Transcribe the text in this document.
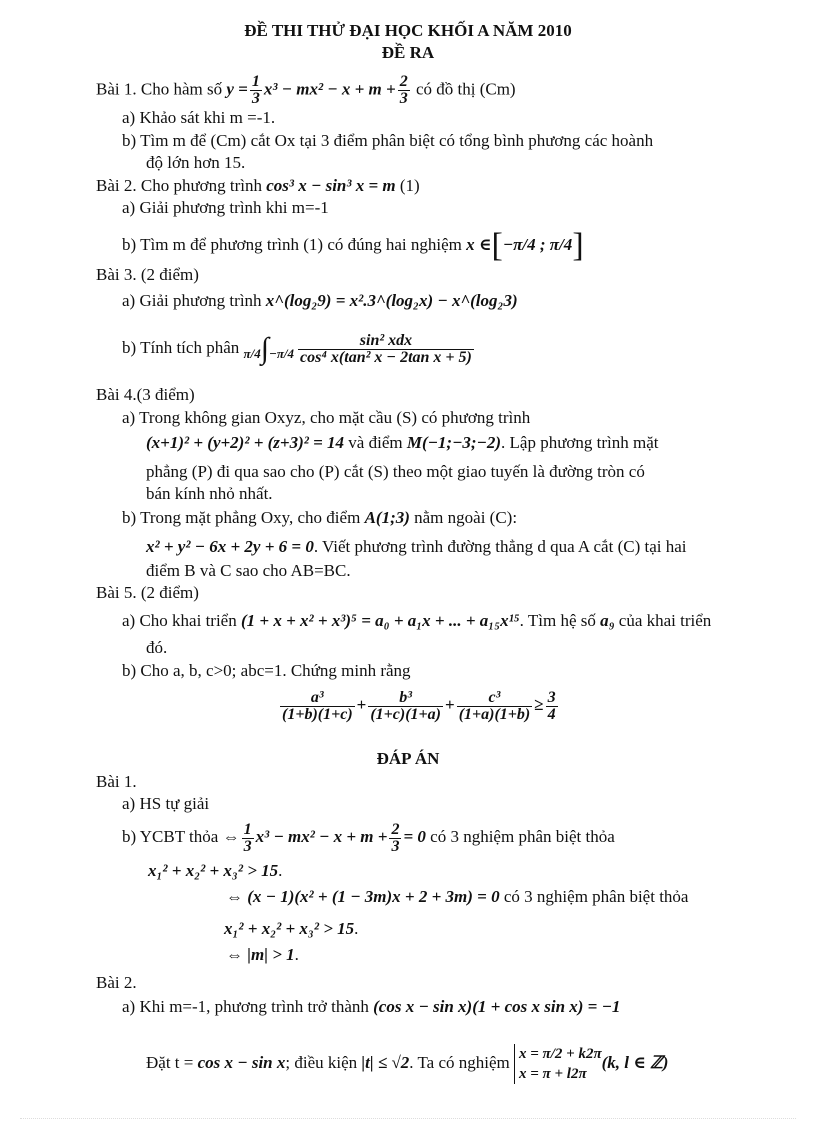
ĐỀ THI THỬ ĐẠI HỌC KHỐI A NĂM 2010
ĐỀ RA
Bài 1. Cho hàm số $y = \frac{1}{3} x^3 - mx^2 - x + m + \frac{2}{3}$ có đồ thị (Cm)
a) Khảo sát khi m =-1.
b) Tìm m để (Cm) cắt Ox tại 3 điểm phân biệt có tổng bình phương các hoành
độ lớn hơn 15.
Bài 2. Cho phương trình cos³ x − sin³ x = m (1)
a) Giải phương trình khi m=-1
b) Tìm m để phương trình (1) có đúng hai nghiệm x ∈[−π/4 ; π/4]
Bài 3. (2 điểm)
a) Giải phương trình x^(log₂9) = x².3^(log₂x) − x^(log₂3)
b) Tính tích phân $\pi/4\int-\pi/4 \frac{\text{sin² xdx}}{\text{cos⁴ x(tan² x − 2tan x + 5)}}$
Bài 4.(3 điểm)
a) Trong không gian Oxyz, cho mặt cầu (S) có phương trình
(x+1)² + (y+2)² + (z+3)² = 14 và điểm M(−1;−3;−2). Lập phương trình mặt
phẳng (P) đi qua sao cho (P) cắt (S) theo một giao tuyến là đường tròn có
bán kính nhỏ nhất.
b) Trong mặt phẳng Oxy, cho điểm A(1;3) nằm ngoài (C):
x² + y² − 6x + 2y + 6 = 0. Viết phương trình đường thẳng d qua A cắt (C) tại hai
điểm B và C sao cho AB=BC.
Bài 5. (2 điểm)
a) Cho khai triển (1 + x + x² + x³)⁵ = a₀ + a₁x + ... + a₁₅x¹⁵. Tìm hệ số a₉ của khai triển
đó.
b) Cho a, b, c>0; abc=1. Chứng minh rằng
$\frac{\text{a³}}{(1+b)(1+c)} + \frac{\text{b³}}{(1+c)(1+a)} + \frac{\text{c³}}{(1+a)(1+b)} \ge \frac{3}{4}$
ĐÁP ÁN
Bài 1.
a) HS tự giải
b) YCBT thỏa ⇔ $\frac{1}{3} x^3 - mx^2 - x + m + \frac{2}{3} = 0$ có 3 nghiệm phân biệt thỏa
x₁² + x₂² + x₃² > 15.
⇔ (x − 1)(x² + (1 − 3m)x + 2 + 3m) = 0 có 3 nghiệm phân biệt thỏa
x₁² + x₂² + x₃² > 15.
⇔ |m| > 1.
Bài 2.
a) Khi m=-1, phương trình trở thành (cos x − sin x)(1 + cos x sin x) = −1
Đặt t = cos x − sin x; điều kiện |t| ≤ √2. Ta có nghiệm x = π/2 + k2π
x = π + l2π
(k, l ∈ ℤ)
